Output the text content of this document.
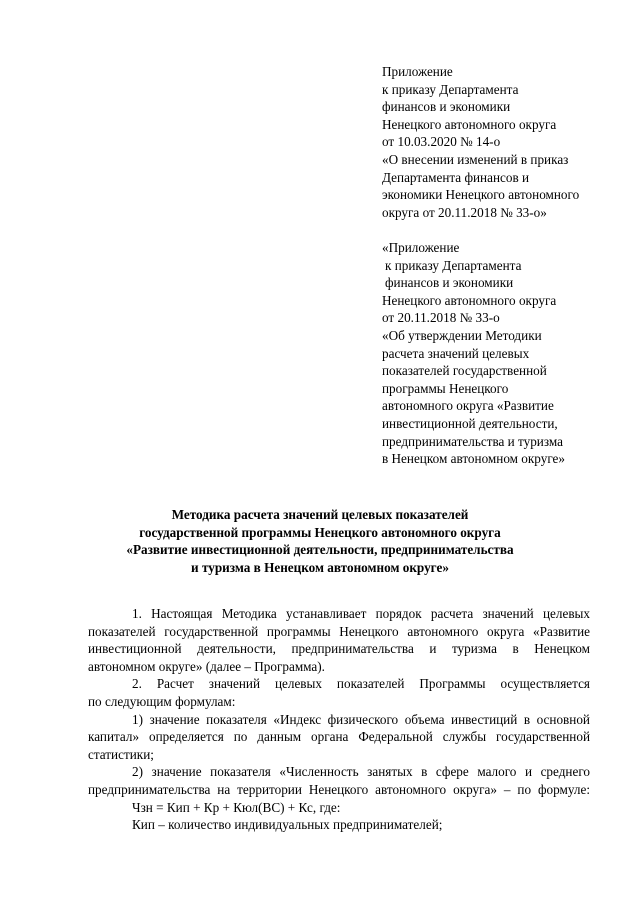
Приложение
к приказу Департамента
финансов и экономики
Ненецкого автономного округа
от 10.03.2020 № 14-о
«О внесении изменений в приказ
Департамента финансов и
экономики Ненецкого автономного
округа от 20.11.2018 № 33-о»
«Приложение
к приказу Департамента
финансов и экономики
Ненецкого автономного округа
от 20.11.2018 № 33-о
«Об утверждении Методики
расчета значений целевых
показателей государственной
программы Ненецкого
автономного округа «Развитие
инвестиционной деятельности,
предпринимательства и туризма
в Ненецком автономном округе»
Методика расчета значений целевых показателей
государственной программы Ненецкого автономного округа
«Развитие инвестиционной деятельности, предпринимательства
и туризма в Ненецком автономном округе»
1. Настоящая Методика устанавливает порядок расчета значений целевых
показателей государственной программы Ненецкого автономного округа «Развитие
инвестиционной деятельности, предпринимательства и туризма в Ненецком
автономном округе» (далее – Программа).
2. Расчет значений целевых показателей Программы осуществляется
по следующим формулам:
1) значение показателя «Индекс физического объема инвестиций в основной
капитал» определяется по данным органа Федеральной службы государственной
статистики;
2) значение показателя «Численность занятых в сфере малого и среднего
предпринимательства на территории Ненецкого автономного округа» – по формуле:
Чзн = Кип + Кр + Кюл(ВС) + Кс, где:
Кип – количество индивидуальных предпринимателей;
